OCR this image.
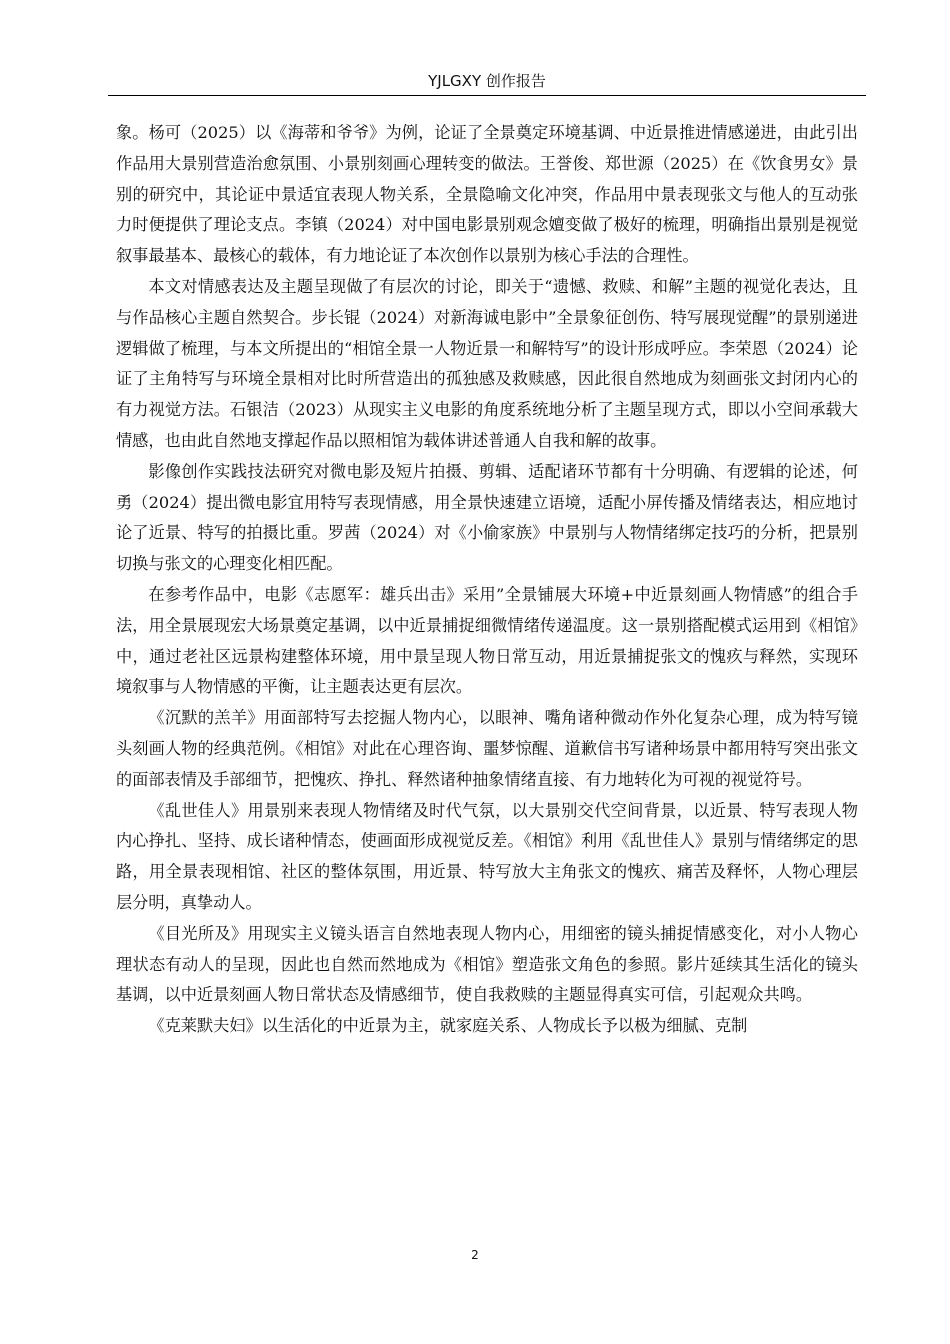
YJLGXY 创作报告

象。杨可（2025）以《海蒂和爷爷》为例，论证了全景奠定环境基调、中近景推进情感递进，由此引出作品用大景别营造治愈氛围、小景别刻画心理转变的做法。王誉俊、郑世源（2025）在《饮食男女》景别的研究中，其论证中景适宜表现人物关系，全景隐喻文化冲突，作品用中景表现张文与他人的互动张力时便提供了理论支点。李镇（2024）对中国电影景别观念嬗变做了极好的梳理，明确指出景别是视觉叙事最基本、最核心的载体，有力地论证了本次创作以景别为核心手法的合理性。

本文对情感表达及主题呈现做了有层次的讨论，即关于“遗憾、救赎、和解”主题的视觉化表达，且与作品核心主题自然契合。步长锟（2024）对新海诚电影中”全景象征创伤、特写展现觉醒”的景别递进逻辑做了梳理，与本文所提出的“相馆全景一人物近景一和解特写”的设计形成呼应。李荣恩（2024）论证了主角特写与环境全景相对比时所营造出的孤独感及救赎感，因此很自然地成为刻画张文封闭内心的有力视觉方法。石银洁（2023）从现实主义电影的角度系统地分析了主题呈现方式，即以小空间承载大情感，也由此自然地支撑起作品以照相馆为载体讲述普通人自我和解的故事。

影像创作实践技法研究对微电影及短片拍摄、剪辑、适配诸环节都有十分明确、有逻辑的论述，何勇（2024）提出微电影宜用特写表现情感，用全景快速建立语境，适配小屏传播及情绪表达，相应地讨论了近景、特写的拍摄比重。罗茜（2024）对《小偷家族》中景别与人物情绪绑定技巧的分析，把景别切换与张文的心理变化相匹配。

在参考作品中，电影《志愿军：雄兵出击》采用”全景铺展大环境+中近景刻画人物情感”的组合手法，用全景展现宏大场景奠定基调，以中近景捕捉细微情绪传递温度。这一景别搭配模式运用到《相馆》中，通过老社区远景构建整体环境，用中景呈现人物日常互动，用近景捕捉张文的愧疚与释然，实现环境叙事与人物情感的平衡，让主题表达更有层次。

《沉默的羔羊》用面部特写去挖掘人物内心，以眼神、嘴角诸种微动作外化复杂心理，成为特写镜头刻画人物的经典范例。《相馆》对此在心理咨询、噩梦惊醒、道歉信书写诸种场景中都用特写突出张文的面部表情及手部细节，把愧疚、挣扎、释然诸种抽象情绪直接、有力地转化为可视的视觉符号。

《乱世佳人》用景别来表现人物情绪及时代气氛，以大景别交代空间背景，以近景、特写表现人物内心挣扎、坚持、成长诸种情态，使画面形成视觉反差。《相馆》利用《乱世佳人》景别与情绪绑定的思路，用全景表现相馆、社区的整体氛围，用近景、特写放大主角张文的愧疚、痛苦及释怀，人物心理层层分明，真挚动人。

《目光所及》用现实主义镜头语言自然地表现人物内心，用细密的镜头捕捉情感变化，对小人物心理状态有动人的呈现，因此也自然而然地成为《相馆》塑造张文角色的参照。影片延续其生活化的镜头基调，以中近景刻画人物日常状态及情感细节，使自我救赎的主题显得真实可信，引起观众共鸣。

《克莱默夫妇》以生活化的中近景为主，就家庭关系、人物成长予以极为细腻、克制

2
